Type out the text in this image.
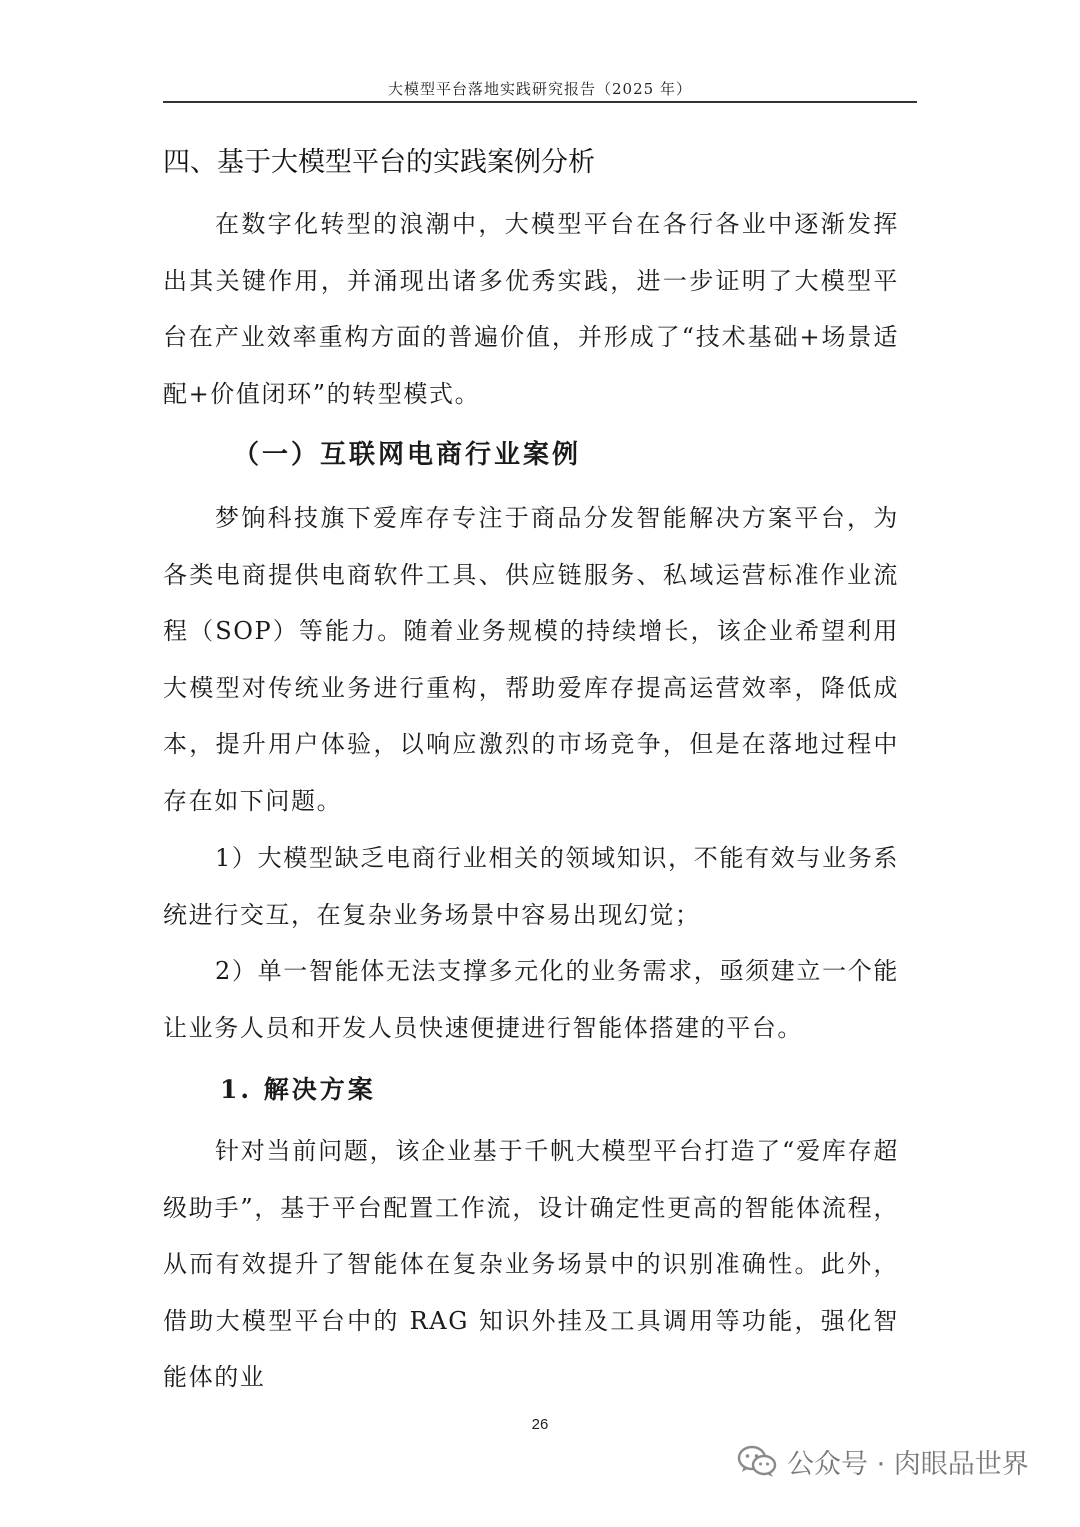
大模型平台落地实践研究报告（2025 年）
四、基于大模型平台的实践案例分析

在数字化转型的浪潮中，大模型平台在各行各业中逐渐发挥出其关键作用，并涌现出诸多优秀实践，进一步证明了大模型平台在产业效率重构方面的普遍价值，并形成了“技术基础+场景适配+价值闭环”的转型模式。

（一）互联网电商行业案例

梦饷科技旗下爱库存专注于商品分发智能解决方案平台，为各类电商提供电商软件工具、供应链服务、私域运营标准作业流程（SOP）等能力。随着业务规模的持续增长，该企业希望利用大模型对传统业务进行重构，帮助爱库存提高运营效率，降低成本，提升用户体验，以响应激烈的市场竞争，但是在落地过程中存在如下问题。

1）大模型缺乏电商行业相关的领域知识，不能有效与业务系统进行交互，在复杂业务场景中容易出现幻觉；

2）单一智能体无法支撑多元化的业务需求，亟须建立一个能让业务人员和开发人员快速便捷进行智能体搭建的平台。

1. 解决方案

针对当前问题，该企业基于千帆大模型平台打造了“爱库存超级助手”，基于平台配置工作流，设计确定性更高的智能体流程，从而有效提升了智能体在复杂业务场景中的识别准确性。此外，借助大模型平台中的 RAG 知识外挂及工具调用等功能，强化智能体的业

26
公众号 · 肉眼品世界
